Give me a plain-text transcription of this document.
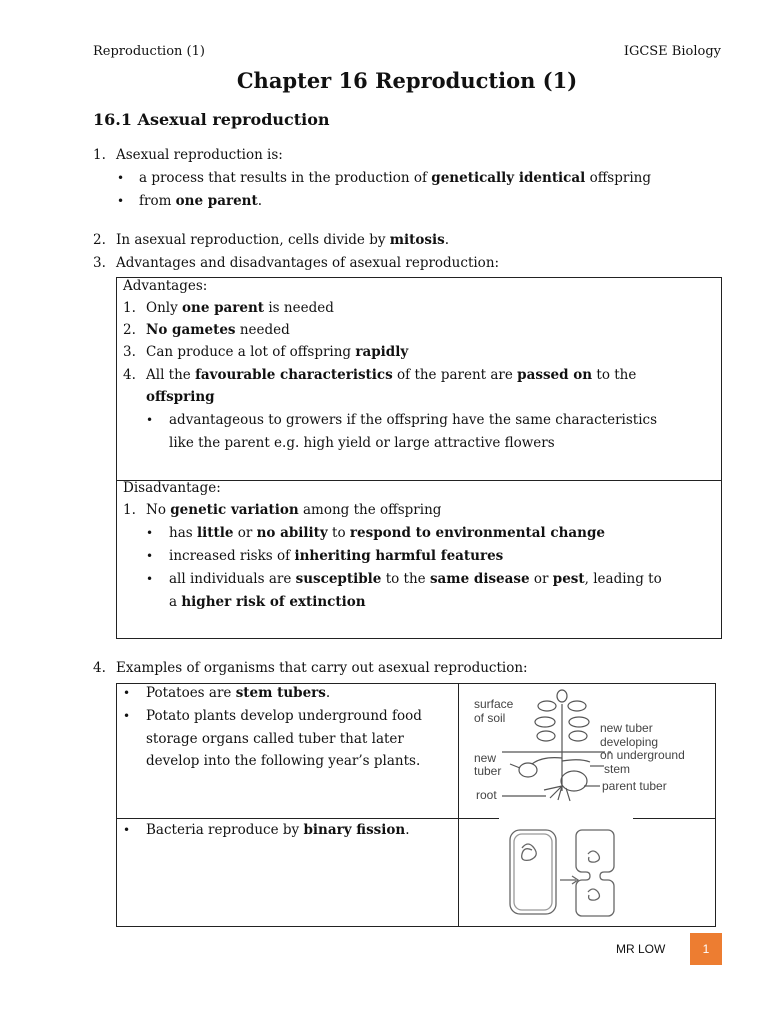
Reproduction (1)	IGCSE Biology
Chapter 16 Reproduction (1)
16.1 Asexual reproduction
1. Asexual reproduction is:
• a process that results in the production of genetically identical offspring
• from one parent.
2. In asexual reproduction, cells divide by mitosis.
3. Advantages and disadvantages of asexual reproduction:
Advantages:
1. Only one parent is needed
2. No gametes needed
3. Can produce a lot of offspring rapidly
4. All the favourable characteristics of the parent are passed on to the
offspring
• advantageous to growers if the offspring have the same characteristics
like the parent e.g. high yield or large attractive flowers
Disadvantage:
1. No genetic variation among the offspring
• has little or no ability to respond to environmental change
• increased risks of inheriting harmful features
• all individuals are susceptible to the same disease or pest, leading to
a higher risk of extinction
4. Examples of organisms that carry out asexual reproduction:
• Potatoes are stem tubers.
• Potato plants develop underground food
storage organs called tuber that later
develop into the following year’s plants.
• Bacteria reproduce by binary fission.
surface
of soil
new tuber
developing
on underground
stem
new
tuber
root
parent tuber
MR LOW	1
